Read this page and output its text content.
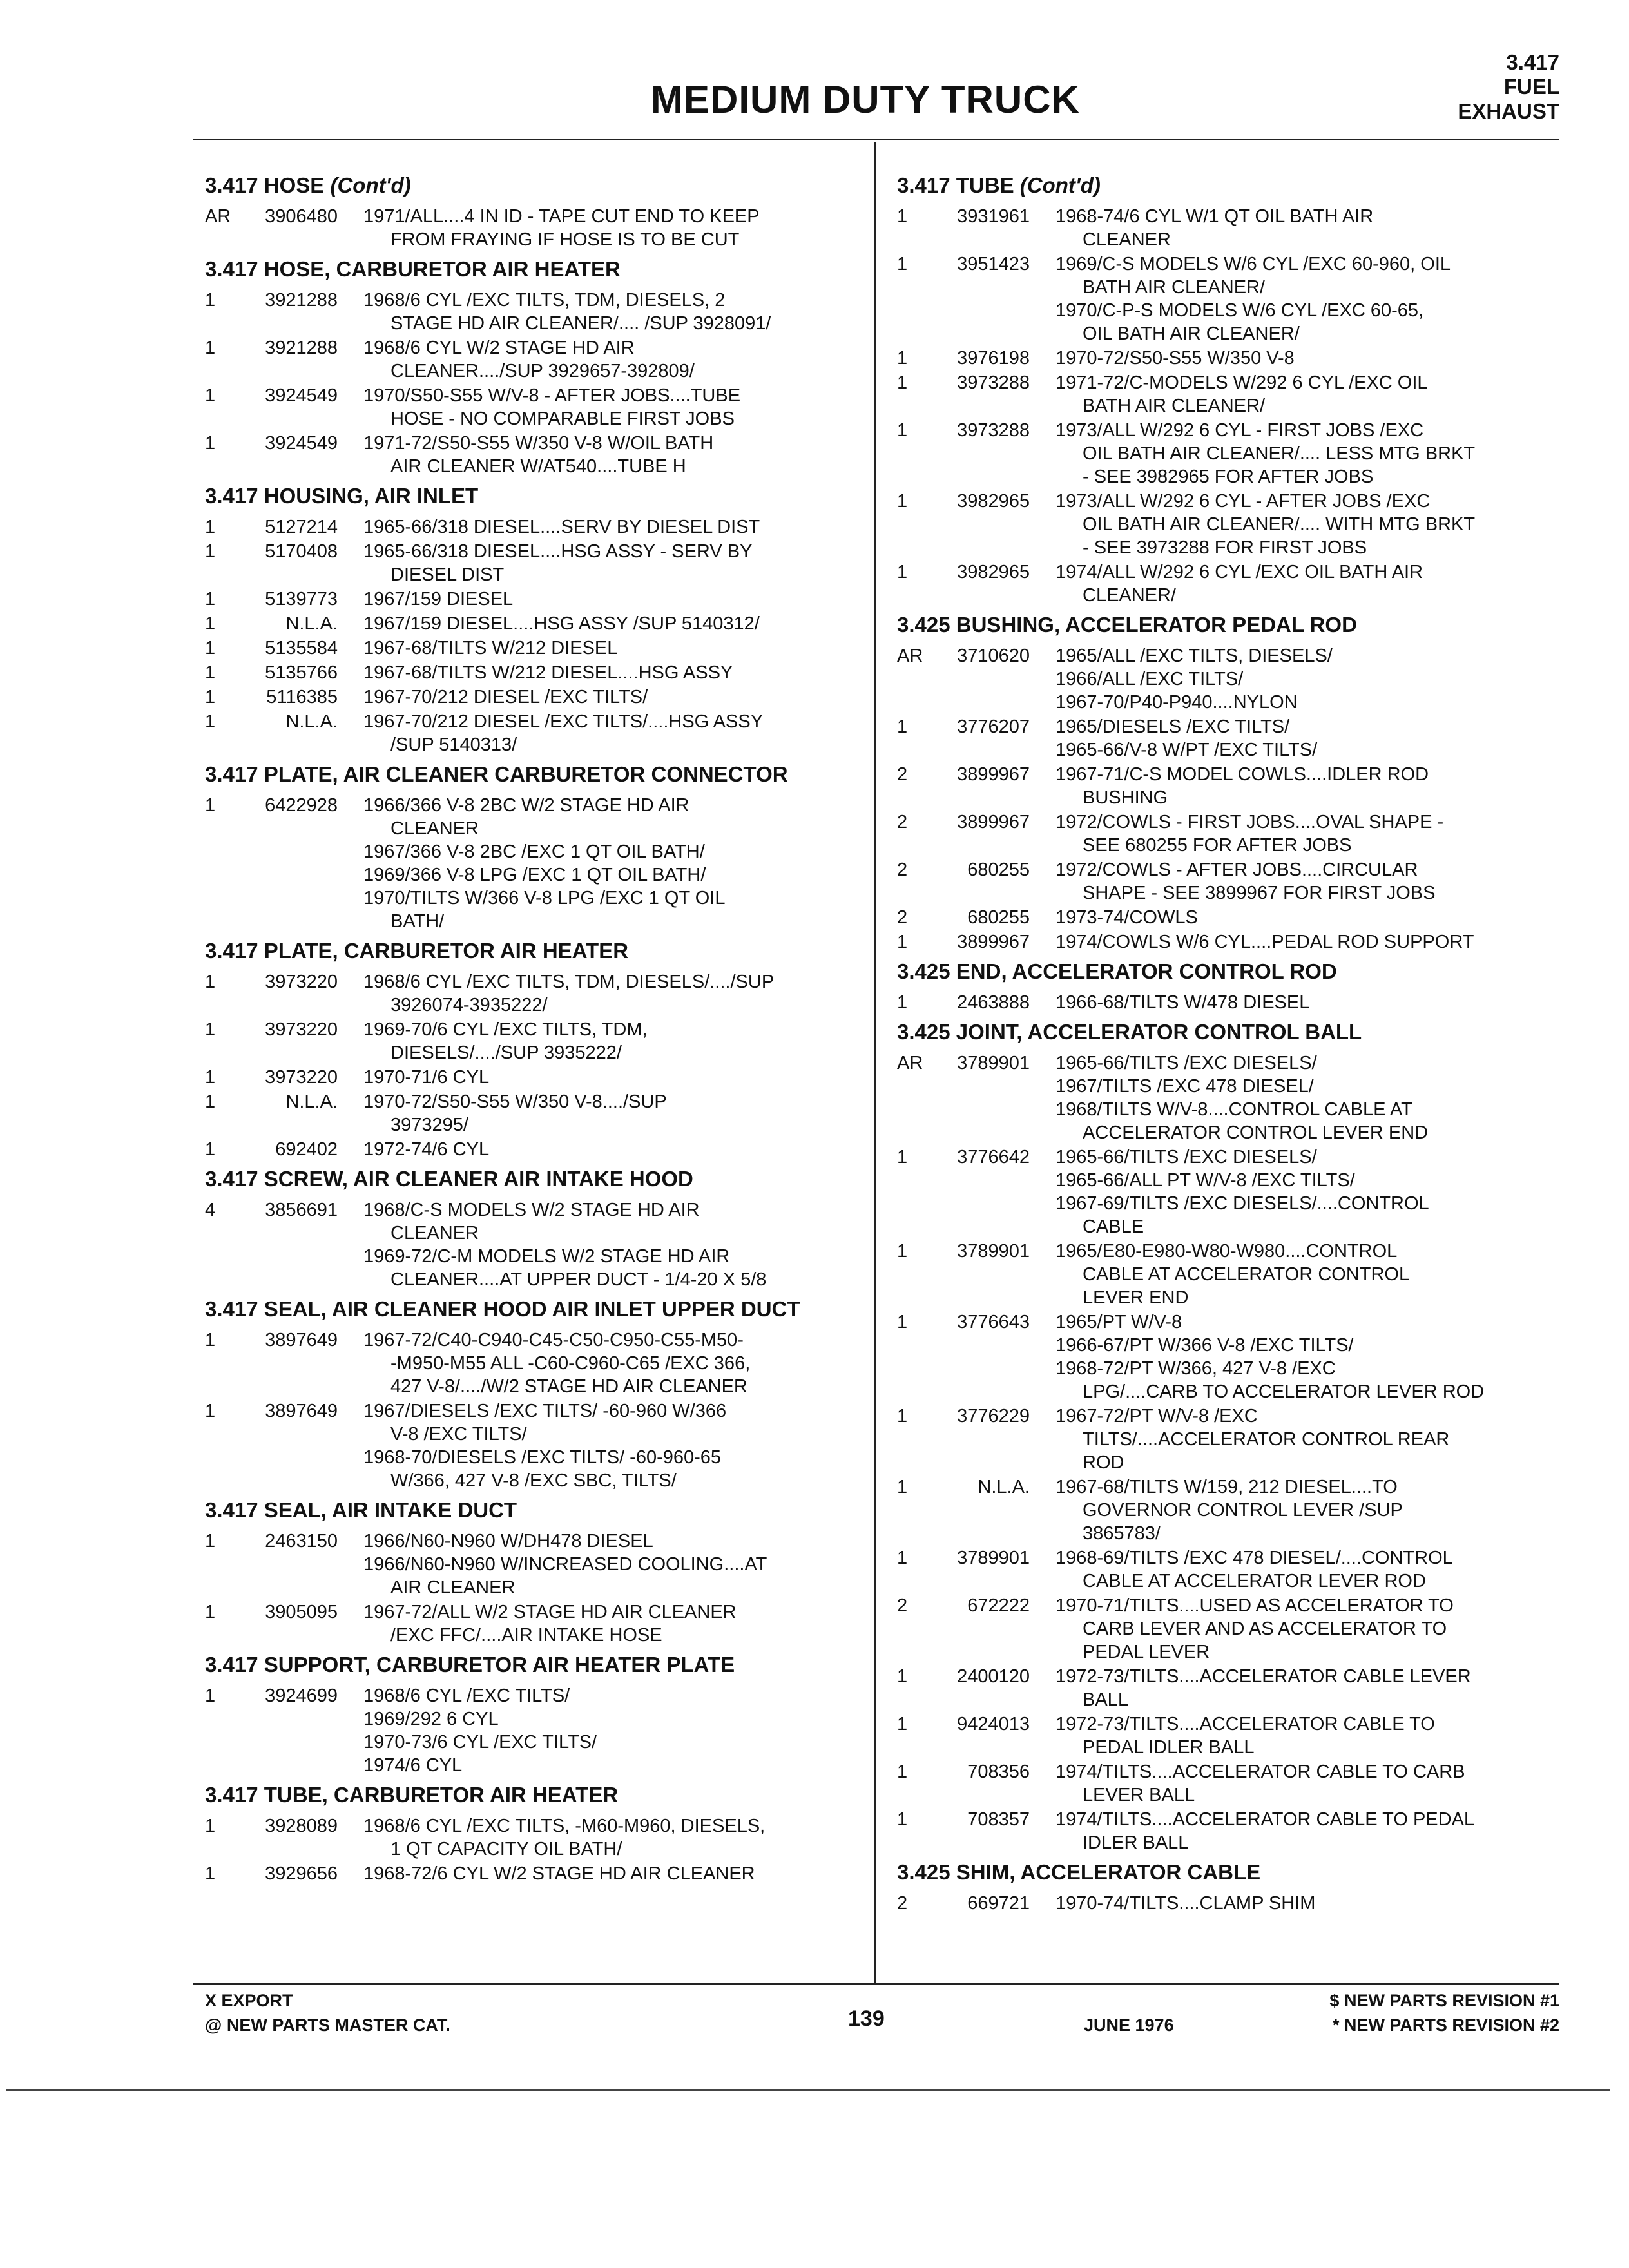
MEDIUM DUTY TRUCK
3.417
FUEL
EXHAUST
3.417 HOSE (Cont'd)
AR	3906480 1971/ALL....4 IN ID - TAPE CUT END TO KEEP
FROM FRAYING IF HOSE IS TO BE CUT
3.417 HOSE, CARBURETOR AIR HEATER
1	3921288 1968/6 CYL /EXC TILTS, TDM, DIESELS, 2
STAGE HD AIR CLEANER/.... /SUP 3928091/
1	3921288 1968/6 CYL W/2 STAGE HD AIR
CLEANER..../SUP 3929657-392809/
1	3924549 1970/S50-S55 W/V-8 - AFTER JOBS....TUBE
HOSE - NO COMPARABLE FIRST JOBS
1	3924549 1971-72/S50-S55 W/350 V-8 W/OIL BATH
AIR CLEANER W/AT540....TUBE H
3.417 HOUSING, AIR INLET
1	5127214 1965-66/318 DIESEL....SERV BY DIESEL DIST
1	5170408 1965-66/318 DIESEL....HSG ASSY - SERV BY
DIESEL DIST
1	5139773 1967/159 DIESEL
1	N.L.A. 1967/159 DIESEL....HSG ASSY /SUP 5140312/
1	5135584 1967-68/TILTS W/212 DIESEL
1	5135766 1967-68/TILTS W/212 DIESEL....HSG ASSY
1	5116385 1967-70/212 DIESEL /EXC TILTS/
1	N.L.A. 1967-70/212 DIESEL /EXC TILTS/....HSG ASSY
/SUP 5140313/
3.417 PLATE, AIR CLEANER CARBURETOR CONNECTOR
1	6422928 1966/366 V-8 2BC W/2 STAGE HD AIR
CLEANER
1967/366 V-8 2BC /EXC 1 QT OIL BATH/
1969/366 V-8 LPG /EXC 1 QT OIL BATH/
1970/TILTS W/366 V-8 LPG /EXC 1 QT OIL
BATH/
3.417 PLATE, CARBURETOR AIR HEATER
1	3973220 1968/6 CYL /EXC TILTS, TDM, DIESELS/..../SUP
3926074-3935222/
1	3973220 1969-70/6 CYL /EXC TILTS, TDM,
DIESELS/..../SUP 3935222/
1	3973220 1970-71/6 CYL
1	N.L.A. 1970-72/S50-S55 W/350 V-8..../SUP
3973295/
1	692402 1972-74/6 CYL
3.417 SCREW, AIR CLEANER AIR INTAKE HOOD
4	3856691 1968/C-S MODELS W/2 STAGE HD AIR
CLEANER
1969-72/C-M MODELS W/2 STAGE HD AIR
CLEANER....AT UPPER DUCT - 1/4-20 X 5/8
3.417 SEAL, AIR CLEANER HOOD AIR INLET UPPER DUCT
1	3897649 1967-72/C40-C940-C45-C50-C950-C55-M50-
-M950-M55 ALL -C60-C960-C65 /EXC 366,
427 V-8/..../W/2 STAGE HD AIR CLEANER
1	3897649 1967/DIESELS /EXC TILTS/ -60-960 W/366
V-8 /EXC TILTS/
1968-70/DIESELS /EXC TILTS/ -60-960-65
W/366, 427 V-8 /EXC SBC, TILTS/
3.417 SEAL, AIR INTAKE DUCT
1	2463150 1966/N60-N960 W/DH478 DIESEL
1966/N60-N960 W/INCREASED COOLING....AT
AIR CLEANER
1	3905095 1967-72/ALL W/2 STAGE HD AIR CLEANER
/EXC FFC/....AIR INTAKE HOSE
3.417 SUPPORT, CARBURETOR AIR HEATER PLATE
1	3924699 1968/6 CYL /EXC TILTS/
1969/292 6 CYL
1970-73/6 CYL /EXC TILTS/
1974/6 CYL
3.417 TUBE, CARBURETOR AIR HEATER
1	3928089 1968/6 CYL /EXC TILTS, -M60-M960, DIESELS,
1 QT CAPACITY OIL BATH/
1	3929656 1968-72/6 CYL W/2 STAGE HD AIR CLEANER
3.417 TUBE (Cont'd)
1	3931961 1968-74/6 CYL W/1 QT OIL BATH AIR
CLEANER
1	3951423 1969/C-S MODELS W/6 CYL /EXC 60-960, OIL
BATH AIR CLEANER/
1970/C-P-S MODELS W/6 CYL /EXC 60-65,
OIL BATH AIR CLEANER/
1	3976198 1970-72/S50-S55 W/350 V-8
1	3973288 1971-72/C-MODELS W/292 6 CYL /EXC OIL
BATH AIR CLEANER/
1	3973288 1973/ALL W/292 6 CYL - FIRST JOBS /EXC
OIL BATH AIR CLEANER/.... LESS MTG BRKT
- SEE 3982965 FOR AFTER JOBS
1	3982965 1973/ALL W/292 6 CYL - AFTER JOBS /EXC
OIL BATH AIR CLEANER/.... WITH MTG BRKT
- SEE 3973288 FOR FIRST JOBS
1	3982965 1974/ALL W/292 6 CYL /EXC OIL BATH AIR
CLEANER/
3.425 BUSHING, ACCELERATOR PEDAL ROD
AR	3710620 1965/ALL /EXC TILTS, DIESELS/
1966/ALL /EXC TILTS/
1967-70/P40-P940....NYLON
1	3776207 1965/DIESELS /EXC TILTS/
1965-66/V-8 W/PT /EXC TILTS/
2	3899967 1967-71/C-S MODEL COWLS....IDLER ROD
BUSHING
2	3899967 1972/COWLS - FIRST JOBS....OVAL SHAPE -
SEE 680255 FOR AFTER JOBS
2	680255 1972/COWLS - AFTER JOBS....CIRCULAR
SHAPE - SEE 3899967 FOR FIRST JOBS
2	680255 1973-74/COWLS
1	3899967 1974/COWLS W/6 CYL....PEDAL ROD SUPPORT
3.425 END, ACCELERATOR CONTROL ROD
1	2463888 1966-68/TILTS W/478 DIESEL
3.425 JOINT, ACCELERATOR CONTROL BALL
AR	3789901 1965-66/TILTS /EXC DIESELS/
1967/TILTS /EXC 478 DIESEL/
1968/TILTS W/V-8....CONTROL CABLE AT
ACCELERATOR CONTROL LEVER END
1	3776642 1965-66/TILTS /EXC DIESELS/
1965-66/ALL PT W/V-8 /EXC TILTS/
1967-69/TILTS /EXC DIESELS/....CONTROL
CABLE
1	3789901 1965/E80-E980-W80-W980....CONTROL
CABLE AT ACCELERATOR CONTROL
LEVER END
1	3776643 1965/PT W/V-8
1966-67/PT W/366 V-8 /EXC TILTS/
1968-72/PT W/366, 427 V-8 /EXC
LPG/....CARB TO ACCELERATOR LEVER ROD
1	3776229 1967-72/PT W/V-8 /EXC
TILTS/....ACCELERATOR CONTROL REAR
ROD
1	N.L.A. 1967-68/TILTS W/159, 212 DIESEL....TO
GOVERNOR CONTROL LEVER /SUP
3865783/
1	3789901 1968-69/TILTS /EXC 478 DIESEL/....CONTROL
CABLE AT ACCELERATOR LEVER ROD
2	672222 1970-71/TILTS....USED AS ACCELERATOR TO
CARB LEVER AND AS ACCELERATOR TO
PEDAL LEVER
1	2400120 1972-73/TILTS....ACCELERATOR CABLE LEVER
BALL
1	9424013 1972-73/TILTS....ACCELERATOR CABLE TO
PEDAL IDLER BALL
1	708356 1974/TILTS....ACCELERATOR CABLE TO CARB
LEVER BALL
1	708357 1974/TILTS....ACCELERATOR CABLE TO PEDAL
IDLER BALL
3.425 SHIM, ACCELERATOR CABLE
2	669721 1970-74/TILTS....CLAMP SHIM
X EXPORT
@ NEW PARTS MASTER CAT.	139	JUNE 1976
$ NEW PARTS REVISION #1
* NEW PARTS REVISION #2
